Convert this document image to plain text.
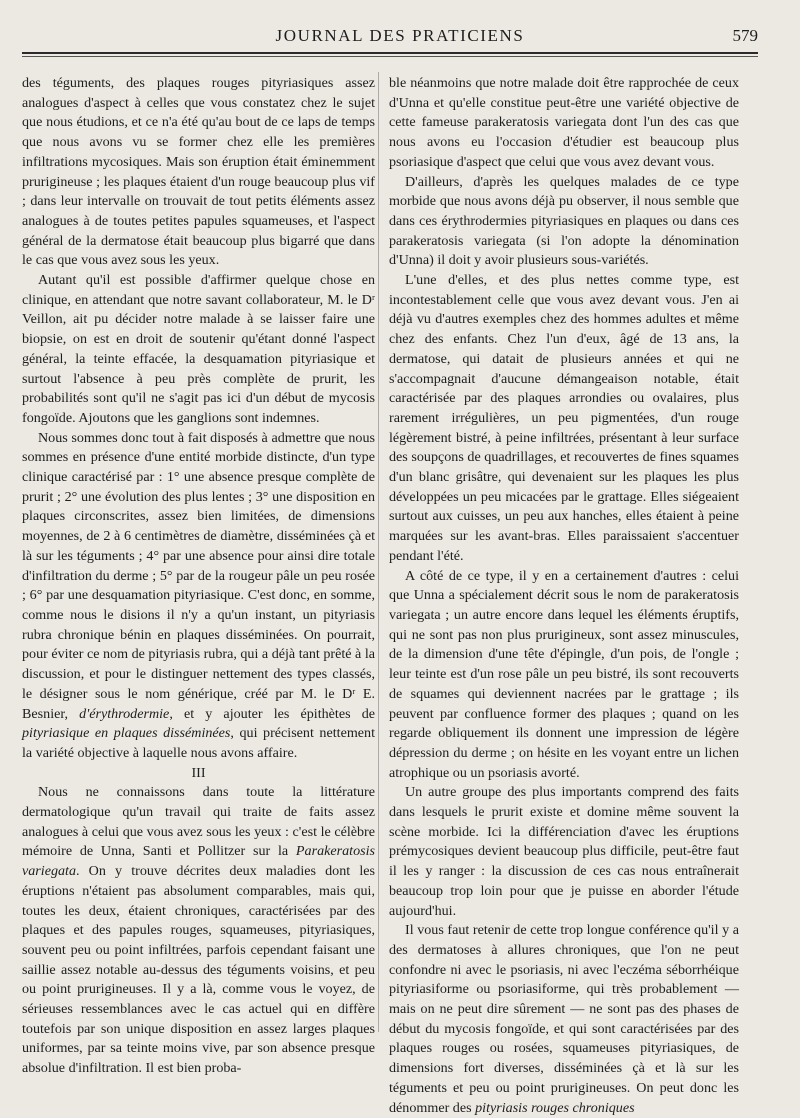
JOURNAL DES PRATICIENS	579

des téguments, des plaques rouges pityriasiques assez analogues d'aspect à celles que vous constatez chez le sujet que nous étudions, et ce n'a été qu'au bout de ce laps de temps que nous avons vu se former chez elle les premières infiltrations mycosiques. Mais son éruption était éminemment prurigineuse ; les plaques étaient d'un rouge beaucoup plus vif ; dans leur intervalle on trouvait de tout petits éléments assez analogues à de toutes petites papules squameuses, et l'aspect général de la dermatose était beaucoup plus bigarré que dans le cas que vous avez sous les yeux.

Autant qu'il est possible d'affirmer quelque chose en clinique, en attendant que notre savant collaborateur, M. le Dʳ Veillon, ait pu décider notre malade à se laisser faire une biopsie, on est en droit de soutenir qu'étant donné l'aspect général, la teinte effacée, la desquamation pityriasique et surtout l'absence à peu près complète de prurit, les probabilités sont qu'il ne s'agit pas ici d'un début de mycosis fongoïde. Ajoutons que les ganglions sont indemnes.

Nous sommes donc tout à fait disposés à admettre que nous sommes en présence d'une entité morbide distincte, d'un type clinique caractérisé par : 1° une absence presque complète de prurit ; 2° une évolution des plus lentes ; 3° une disposition en plaques circonscrites, assez bien limitées, de dimensions moyennes, de 2 à 6 centimètres de diamètre, disséminées çà et là sur les téguments ; 4° par une absence pour ainsi dire totale d'infiltration du derme ; 5° par de la rougeur pâle un peu rosée ; 6° par une desquamation pityriasique. C'est donc, en somme, comme nous le disions il n'y a qu'un instant, un pityriasis rubra chronique bénin en plaques disséminées. On pourrait, pour éviter ce nom de pityriasis rubra, qui a déjà tant prêté à la discussion, et pour le distinguer nettement des types classés, le désigner sous le nom générique, créé par M. le Dʳ E. Besnier, d'érythrodermie, et y ajouter les épithètes de pityriasique en plaques disséminées, qui précisent nettement la variété objective à laquelle nous avons affaire.

III

Nous ne connaissons dans toute la littérature dermatologique qu'un travail qui traite de faits assez analogues à celui que vous avez sous les yeux : c'est le célèbre mémoire de Unna, Santi et Pollitzer sur la Parakeratosis variegata. On y trouve décrites deux maladies dont les éruptions n'étaient pas absolument comparables, mais qui, toutes les deux, étaient chroniques, caractérisées par des plaques et des papules rouges, squameuses, pityriasiques, souvent peu ou point infiltrées, parfois cependant faisant une saillie assez notable au-dessus des téguments voisins, et peu ou point prurigineuses. Il y a là, comme vous le voyez, de sérieuses ressemblances avec le cas actuel qui en diffère toutefois par son unique disposition en assez larges plaques uniformes, par sa teinte moins vive, par son absence presque absolue d'infiltration. Il est bien proba-

ble néanmoins que notre malade doit être rapprochée de ceux d'Unna et qu'elle constitue peut-être une variété objective de cette fameuse parakeratosis variegata dont l'un des cas que nous avons eu l'occasion d'étudier est beaucoup plus psoriasique d'aspect que celui que vous avez devant vous.

D'ailleurs, d'après les quelques malades de ce type morbide que nous avons déjà pu observer, il nous semble que dans ces érythrodermies pityriasiques en plaques ou dans ces parakeratosis variegata (si l'on adopte la dénomination d'Unna) il doit y avoir plusieurs sous-variétés.

L'une d'elles, et des plus nettes comme type, est incontestablement celle que vous avez devant vous. J'en ai déjà vu d'autres exemples chez des hommes adultes et même chez des enfants. Chez l'un d'eux, âgé de 13 ans, la dermatose, qui datait de plusieurs années et qui ne s'accompagnait d'aucune démangeaison notable, était caractérisée par des plaques arrondies ou ovalaires, plus rarement irrégulières, un peu pigmentées, d'un rouge légèrement bistré, à peine infiltrées, présentant à leur surface des soupçons de quadrillages, et recouvertes de fines squames d'un blanc grisâtre, qui devenaient sur les plaques les plus développées un peu micacées par le grattage. Elles siégeaient surtout aux cuisses, un peu aux hanches, elles étaient à peine marquées sur les avant-bras. Elles paraissaient s'accentuer pendant l'été.

A côté de ce type, il y en a certainement d'autres : celui que Unna a spécialement décrit sous le nom de parakeratosis variegata ; un autre encore dans lequel les éléments éruptifs, qui ne sont pas non plus prurigineux, sont assez minuscules, de la dimension d'une tête d'épingle, d'un pois, de l'ongle ; leur teinte est d'un rose pâle un peu bistré, ils sont recouverts de squames qui deviennent nacrées par le grattage ; ils peuvent par confluence former des plaques ; quand on les regarde obliquement ils donnent une impression de légère dépression du derme ; on hésite en les voyant entre un lichen atrophique ou un psoriasis avorté.

Un autre groupe des plus importants comprend des faits dans lesquels le prurit existe et domine même souvent la scène morbide. Ici la différenciation d'avec les éruptions prémycosiques devient beaucoup plus difficile, peut-être faut il les y ranger : la discussion de ces cas nous entraînerait beaucoup trop loin pour que je puisse en aborder l'étude aujourd'hui.

Il vous faut retenir de cette trop longue conférence qu'il y a des dermatoses à allures chroniques, que l'on ne peut confondre ni avec le psoriasis, ni avec l'eczéma séborrhéique pityriasiforme ou psoriasiforme, qui très probablement — mais on ne peut dire sûrement — ne sont pas des phases de début du mycosis fongoïde, et qui sont caractérisées par des plaques rouges ou rosées, squameuses pityriasiques, de dimensions fort diverses, disséminées çà et là sur les téguments et peu ou point prurigineuses. On peut donc les dénommer des pityriasis rouges chroniques
